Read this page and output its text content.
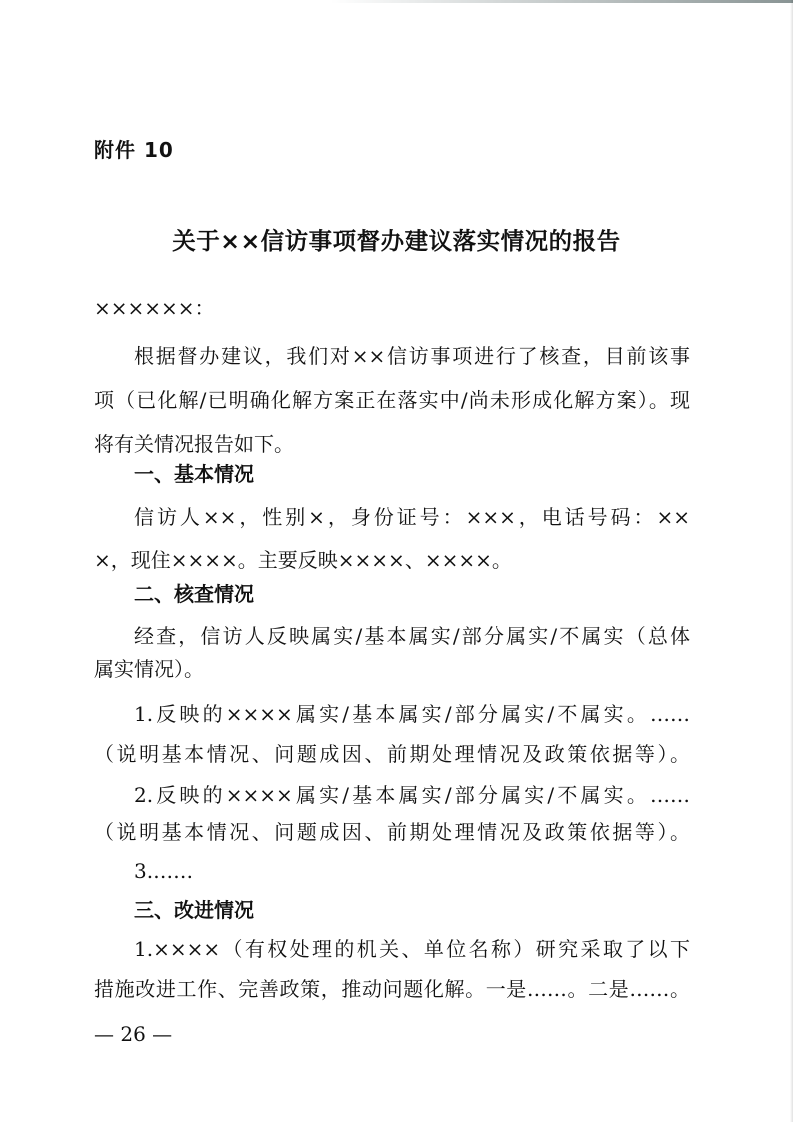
附件 10
关于××信访事项督办建议落实情况的报告
××××××：
根据督办建议，我们对××信访事项进行了核查，目前该事
项（已化解/已明确化解方案正在落实中/尚未形成化解方案）。现
将有关情况报告如下。
一、基本情况
信访人××，性别×，身份证号：×××，电话号码：××
×，现住××××。主要反映××××、××××。
二、核查情况
经查，信访人反映属实/基本属实/部分属实/不属实（总体
属实情况）。
1.反映的××××属实/基本属实/部分属实/不属实。……
（说明基本情况、问题成因、前期处理情况及政策依据等）。
2.反映的××××属实/基本属实/部分属实/不属实。……
（说明基本情况、问题成因、前期处理情况及政策依据等）。
3.……
三、改进情况
1.××××（有权处理的机关、单位名称）研究采取了以下
措施改进工作、完善政策，推动问题化解。一是……。二是……。
— 26 —
